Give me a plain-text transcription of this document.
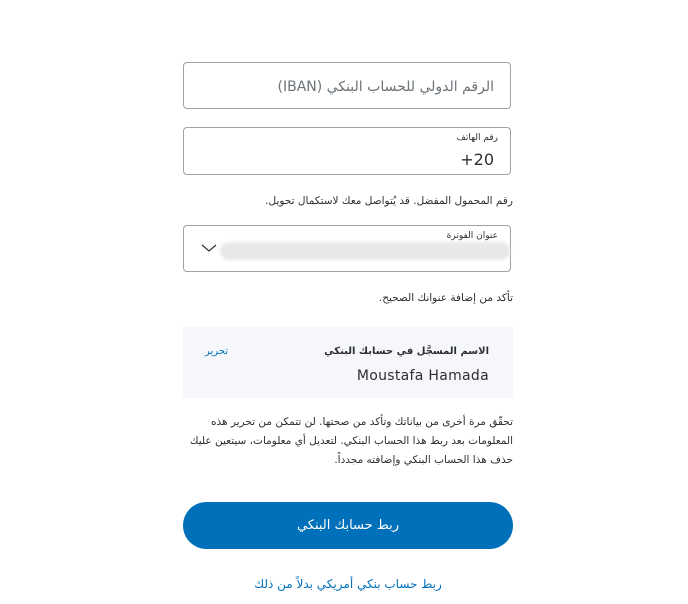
الرقم الدولي للحساب البنكي (IBAN)
رقم الهاتف
+20
رقم المحمول المفضل. قد يُتواصل معك لاستكمال تحويل.
عنوان الفوترة
تأكد من إضافة عنوانك الصحيح.
الاسم المسجَّل في حسابك البنكي
Moustafa Hamada
تحرير
تحقّق مرة أخرى من بياناتك وتأكد من صحتها. لن تتمكن من تحرير هذه المعلومات بعد ربط هذا الحساب البنكي. لتعديل أي معلومات، سيتعين عليك حذف هذا الحساب البنكي وإضافته مجدداً.
ربط حسابك البنكي
ربط حساب بنكي أمريكي بدلاً من ذلك
